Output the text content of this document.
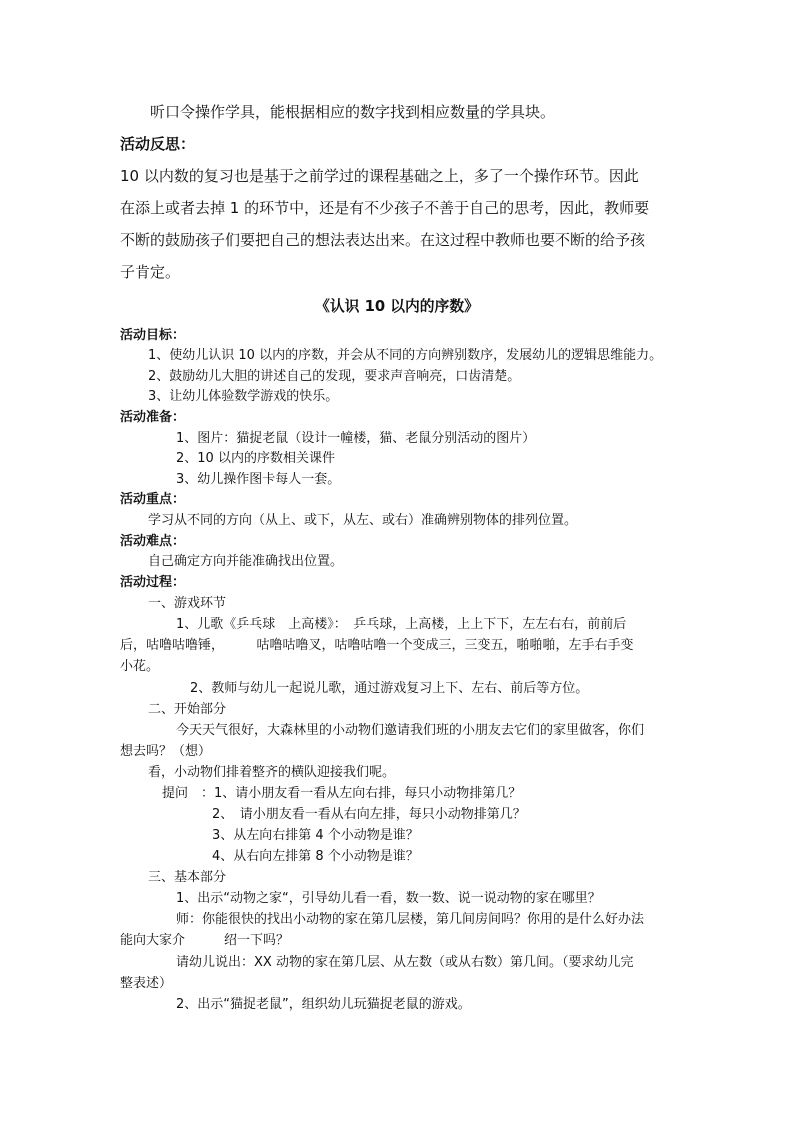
听口令操作学具，能根据相应的数字找到相应数量的学具块。
活动反思：
10 以内数的复习也是基于之前学过的课程基础之上，多了一个操作环节。因此
在添上或者去掉 1 的环节中，还是有不少孩子不善于自己的思考，因此，教师要
不断的鼓励孩子们要把自己的想法表达出来。在这过程中教师也要不断的给予孩
子肯定。
《认识 10 以内的序数》
活动目标：
1、使幼儿认识 10 以内的序数，并会从不同的方向辨别数序，发展幼儿的逻辑思维能力。
2、鼓励幼儿大胆的讲述自己的发现，要求声音响亮，口齿清楚。
3、让幼儿体验数学游戏的快乐。
活动准备：
1、图片：猫捉老鼠（设计一幢楼，猫、老鼠分别活动的图片）
2、10 以内的序数相关课件
3、幼儿操作图卡每人一套。
活动重点：
学习从不同的方向（从上、或下，从左、或右）准确辨别物体的排列位置。
活动难点：
自己确定方向并能准确找出位置。
活动过程：
一、游戏环节
1、儿歌《乒乓球　上高楼》：　乒乓球，上高楼，上上下下，左左右右，前前后
后，咕噜咕噜锤，　　　咕噜咕噜叉，咕噜咕噜一个变成三，三变五，啪啪啪，左手右手变
小花。
2、教师与幼儿一起说儿歌，通过游戏复习上下、左右、前后等方位。
二、开始部分
今天天气很好，大森林里的小动物们邀请我们班的小朋友去它们的家里做客，你们
想去吗？（想）
看，小动物们排着整齐的横队迎接我们呢。
提问　：1、请小朋友看一看从左向右排，每只小动物排第几？
2、　请小朋友看一看从右向左排，每只小动物排第几？
3、从左向右排第 4 个小动物是谁？
4、从右向左排第 8 个小动物是谁？
三、基本部分
1、出示“动物之家“，引导幼儿看一看，数一数、说一说动物的家在哪里？
师：你能很快的找出小动物的家在第几层楼，第几间房间吗？你用的是什么好办法
能向大家介　　　绍一下吗？
请幼儿说出：XX 动物的家在第几层、从左数（或从右数）第几间。（要求幼儿完
整表述）
2、出示“猫捉老鼠”，组织幼儿玩猫捉老鼠的游戏。
